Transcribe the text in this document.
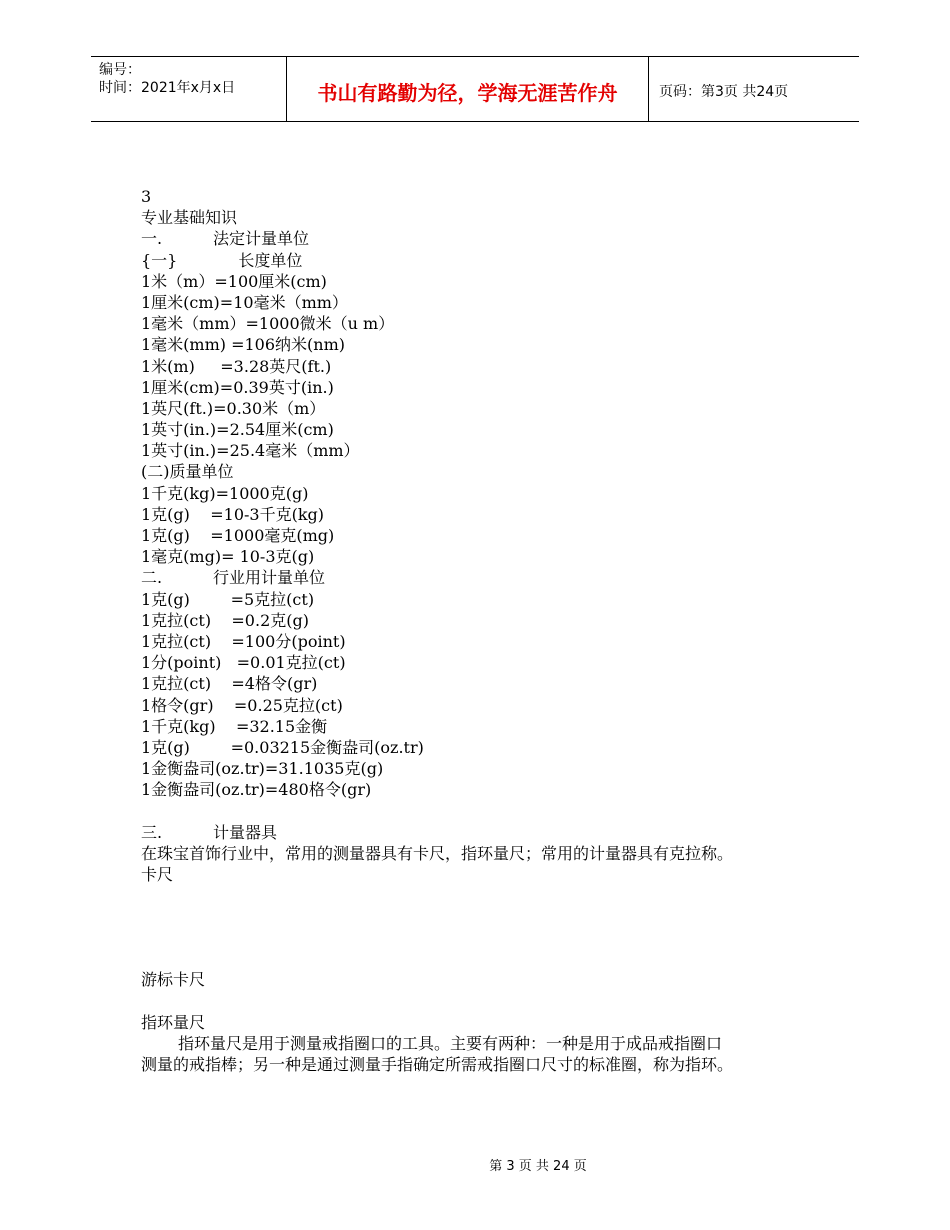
编号：
时间：2021年x月x日	书山有路勤为径，学海无涯苦作舟	页码：第3页 共24页
3
专业基础知识
一.          法定计量单位
{一}            长度单位
1米（m）=100厘米(cm)
1厘米(cm)=10毫米（mm）
1毫米（mm）=1000微米（u m）
1毫米(mm) =106纳米(nm)
1米(m)     =3.28英尺(ft.)
1厘米(cm)=0.39英寸(in.)
1英尺(ft.)=0.30米（m）
1英寸(in.)=2.54厘米(cm)
1英寸(in.)=25.4毫米（mm）
(二)质量单位
1千克(kg)=1000克(g)
1克(g)    =10-3千克(kg)
1克(g)    =1000毫克(mg)
1毫克(mg)= 10-3克(g)
二.          行业用计量单位
1克(g)        =5克拉(ct)
1克拉(ct)    =0.2克(g)
1克拉(ct)    =100分(point)
1分(point)   =0.01克拉(ct)
1克拉(ct)    =4格令(gr)
1格令(gr)    =0.25克拉(ct)
1千克(kg)    =32.15金衡
1克(g)        =0.03215金衡盎司(oz.tr)
1金衡盎司(oz.tr)=31.1035克(g)
1金衡盎司(oz.tr)=480格令(gr)
三.          计量器具
在珠宝首饰行业中，常用的测量器具有卡尺，指环量尺；常用的计量器具有克拉称。
卡尺
游标卡尺
指环量尺
指环量尺是用于测量戒指圈口的工具。主要有两种：一种是用于成品戒指圈口
测量的戒指棒；另一种是通过测量手指确定所需戒指圈口尺寸的标准圈，称为指环。
第 3 页 共 24 页
